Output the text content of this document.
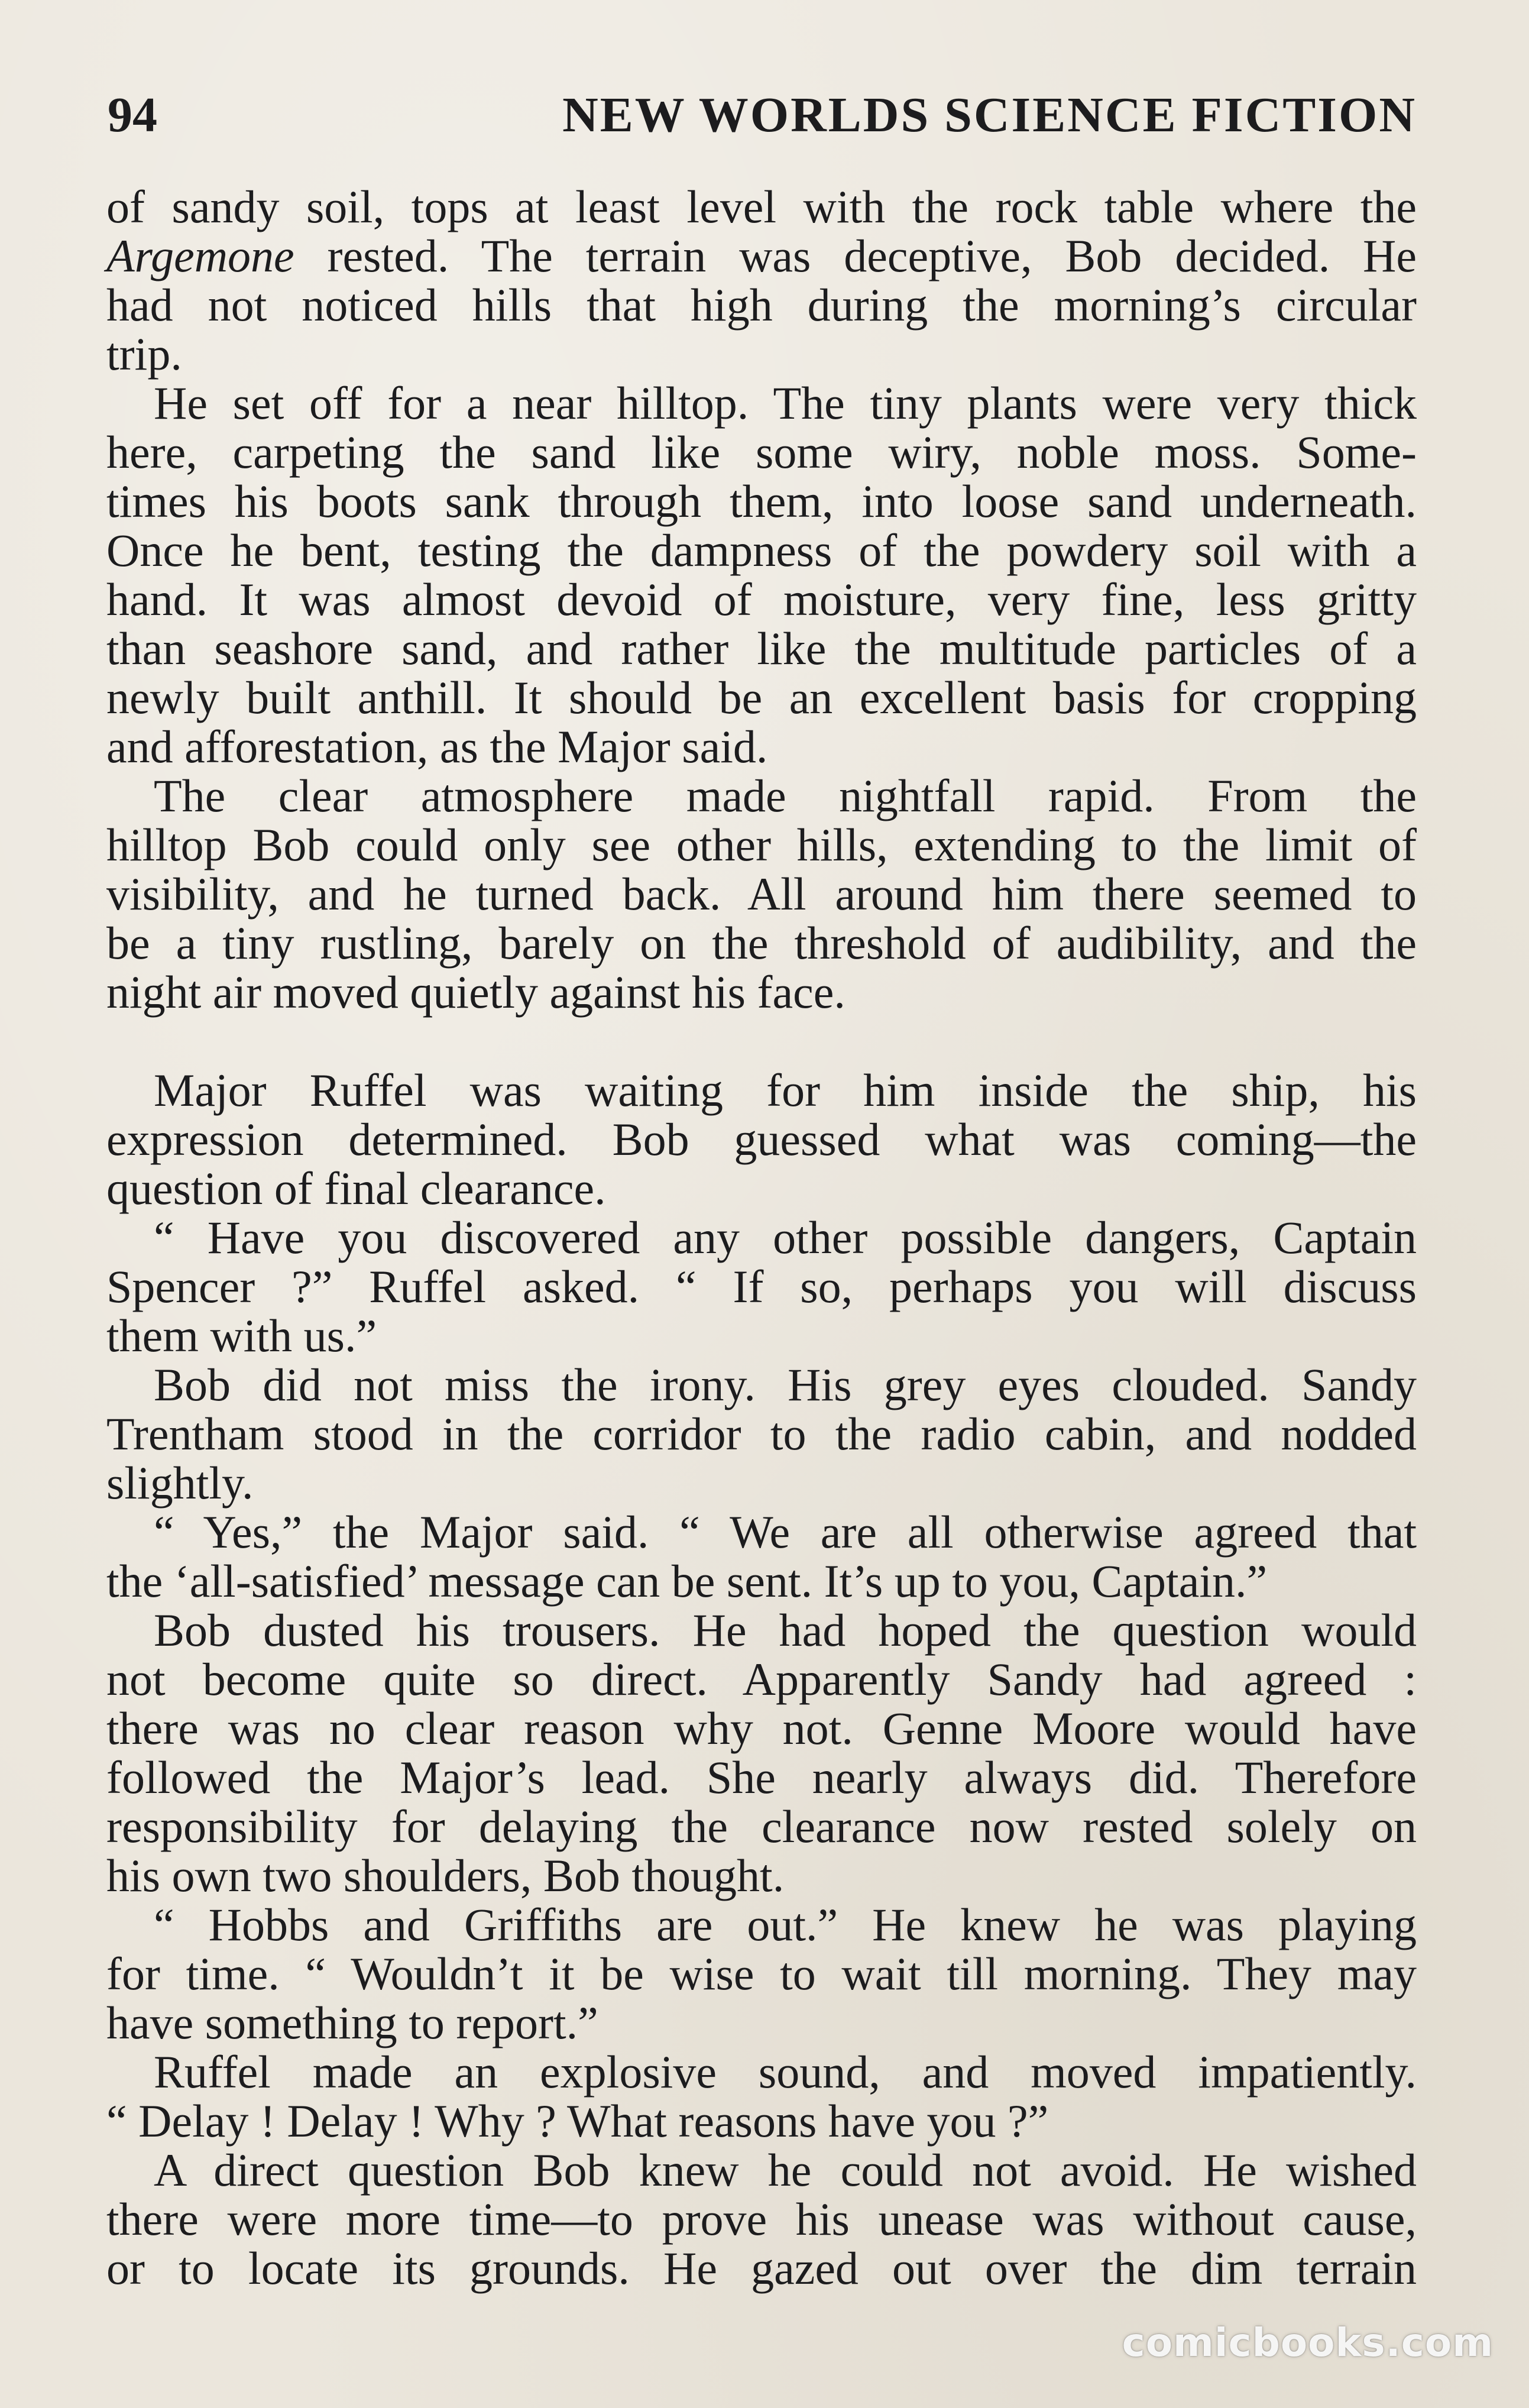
94	NEW WORLDS SCIENCE FICTION
of sandy soil, tops at least level with the rock table where the
Argemone rested. The terrain was deceptive, Bob decided. He
had not noticed hills that high during the morning’s circular
trip.
He set off for a near hilltop. The tiny plants were very thick
here, carpeting the sand like some wiry, noble moss. Some-
times his boots sank through them, into loose sand underneath.
Once he bent, testing the dampness of the powdery soil with a
hand. It was almost devoid of moisture, very fine, less gritty
than seashore sand, and rather like the multitude particles of a
newly built anthill. It should be an excellent basis for cropping
and afforestation, as the Major said.
The clear atmosphere made nightfall rapid. From the
hilltop Bob could only see other hills, extending to the limit of
visibility, and he turned back. All around him there seemed to
be a tiny rustling, barely on the threshold of audibility, and the
night air moved quietly against his face.
Major Ruffel was waiting for him inside the ship, his
expression determined. Bob guessed what was coming—the
question of final clearance.
“ Have you discovered any other possible dangers, Captain
Spencer ?” Ruffel asked. “ If so, perhaps you will discuss
them with us.”
Bob did not miss the irony. His grey eyes clouded. Sandy
Trentham stood in the corridor to the radio cabin, and nodded
slightly.
“ Yes,” the Major said. “ We are all otherwise agreed that
the ‘all-satisfied’ message can be sent. It’s up to you, Captain.”
Bob dusted his trousers. He had hoped the question would
not become quite so direct. Apparently Sandy had agreed :
there was no clear reason why not. Genne Moore would have
followed the Major’s lead. She nearly always did. Therefore
responsibility for delaying the clearance now rested solely on
his own two shoulders, Bob thought.
“ Hobbs and Griffiths are out.” He knew he was playing
for time. “ Wouldn’t it be wise to wait till morning. They may
have something to report.”
Ruffel made an explosive sound, and moved impatiently.
“ Delay ! Delay ! Why ? What reasons have you ?”
A direct question Bob knew he could not avoid. He wished
there were more time—to prove his unease was without cause,
or to locate its grounds. He gazed out over the dim terrain
comicbooks.com
